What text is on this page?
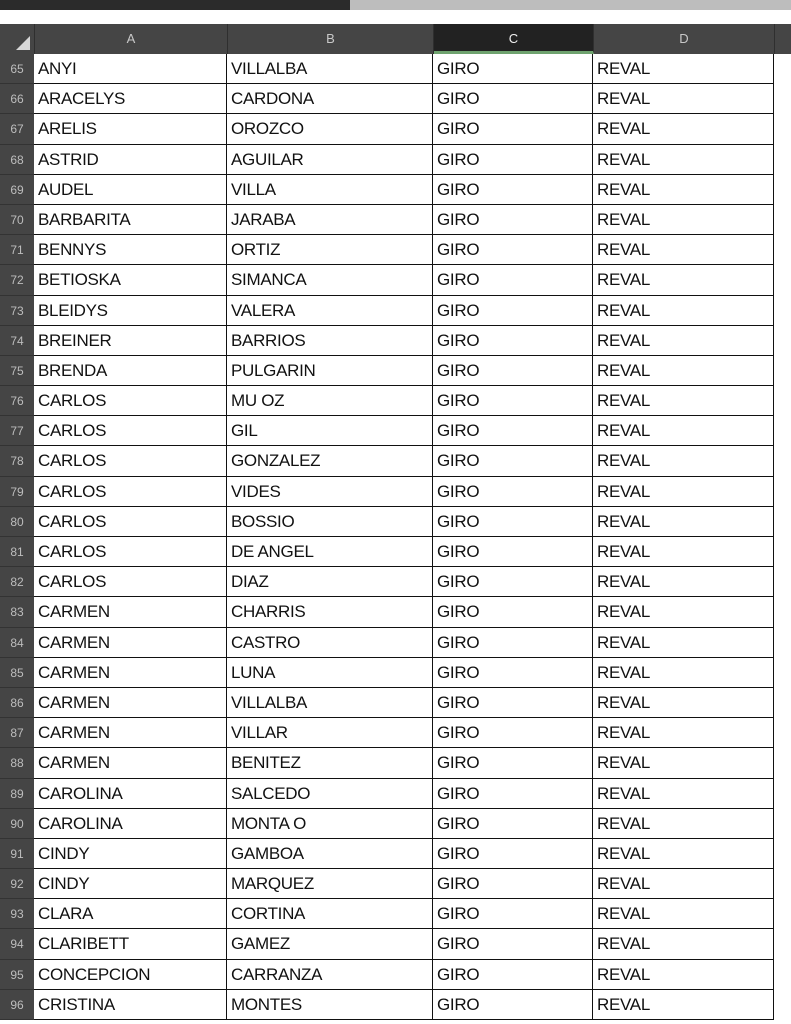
A	B	C	D
65 ANYI	VILLALBA	GIRO	REVAL
66 ARACELYS	CARDONA	GIRO	REVAL
67 ARELIS	OROZCO	GIRO	REVAL
68 ASTRID	AGUILAR	GIRO	REVAL
69 AUDEL	VILLA	GIRO	REVAL
70 BARBARITA	JARABA	GIRO	REVAL
71 BENNYS	ORTIZ	GIRO	REVAL
72 BETIOSKA	SIMANCA	GIRO	REVAL
73 BLEIDYS	VALERA	GIRO	REVAL
74 BREINER	BARRIOS	GIRO	REVAL
75 BRENDA	PULGARIN	GIRO	REVAL
76 CARLOS	MU OZ	GIRO	REVAL
77 CARLOS	GIL	GIRO	REVAL
78 CARLOS	GONZALEZ	GIRO	REVAL
79 CARLOS	VIDES	GIRO	REVAL
80 CARLOS	BOSSIO	GIRO	REVAL
81 CARLOS	DE ANGEL	GIRO	REVAL
82 CARLOS	DIAZ	GIRO	REVAL
83 CARMEN	CHARRIS	GIRO	REVAL
84 CARMEN	CASTRO	GIRO	REVAL
85 CARMEN	LUNA	GIRO	REVAL
86 CARMEN	VILLALBA	GIRO	REVAL
87 CARMEN	VILLAR	GIRO	REVAL
88 CARMEN	BENITEZ	GIRO	REVAL
89 CAROLINA	SALCEDO	GIRO	REVAL
90 CAROLINA	MONTA O	GIRO	REVAL
91 CINDY	GAMBOA	GIRO	REVAL
92 CINDY	MARQUEZ	GIRO	REVAL
93 CLARA	CORTINA	GIRO	REVAL
94 CLARIBETT	GAMEZ	GIRO	REVAL
95 CONCEPCION	CARRANZA	GIRO	REVAL
96 CRISTINA	MONTES	GIRO	REVAL
